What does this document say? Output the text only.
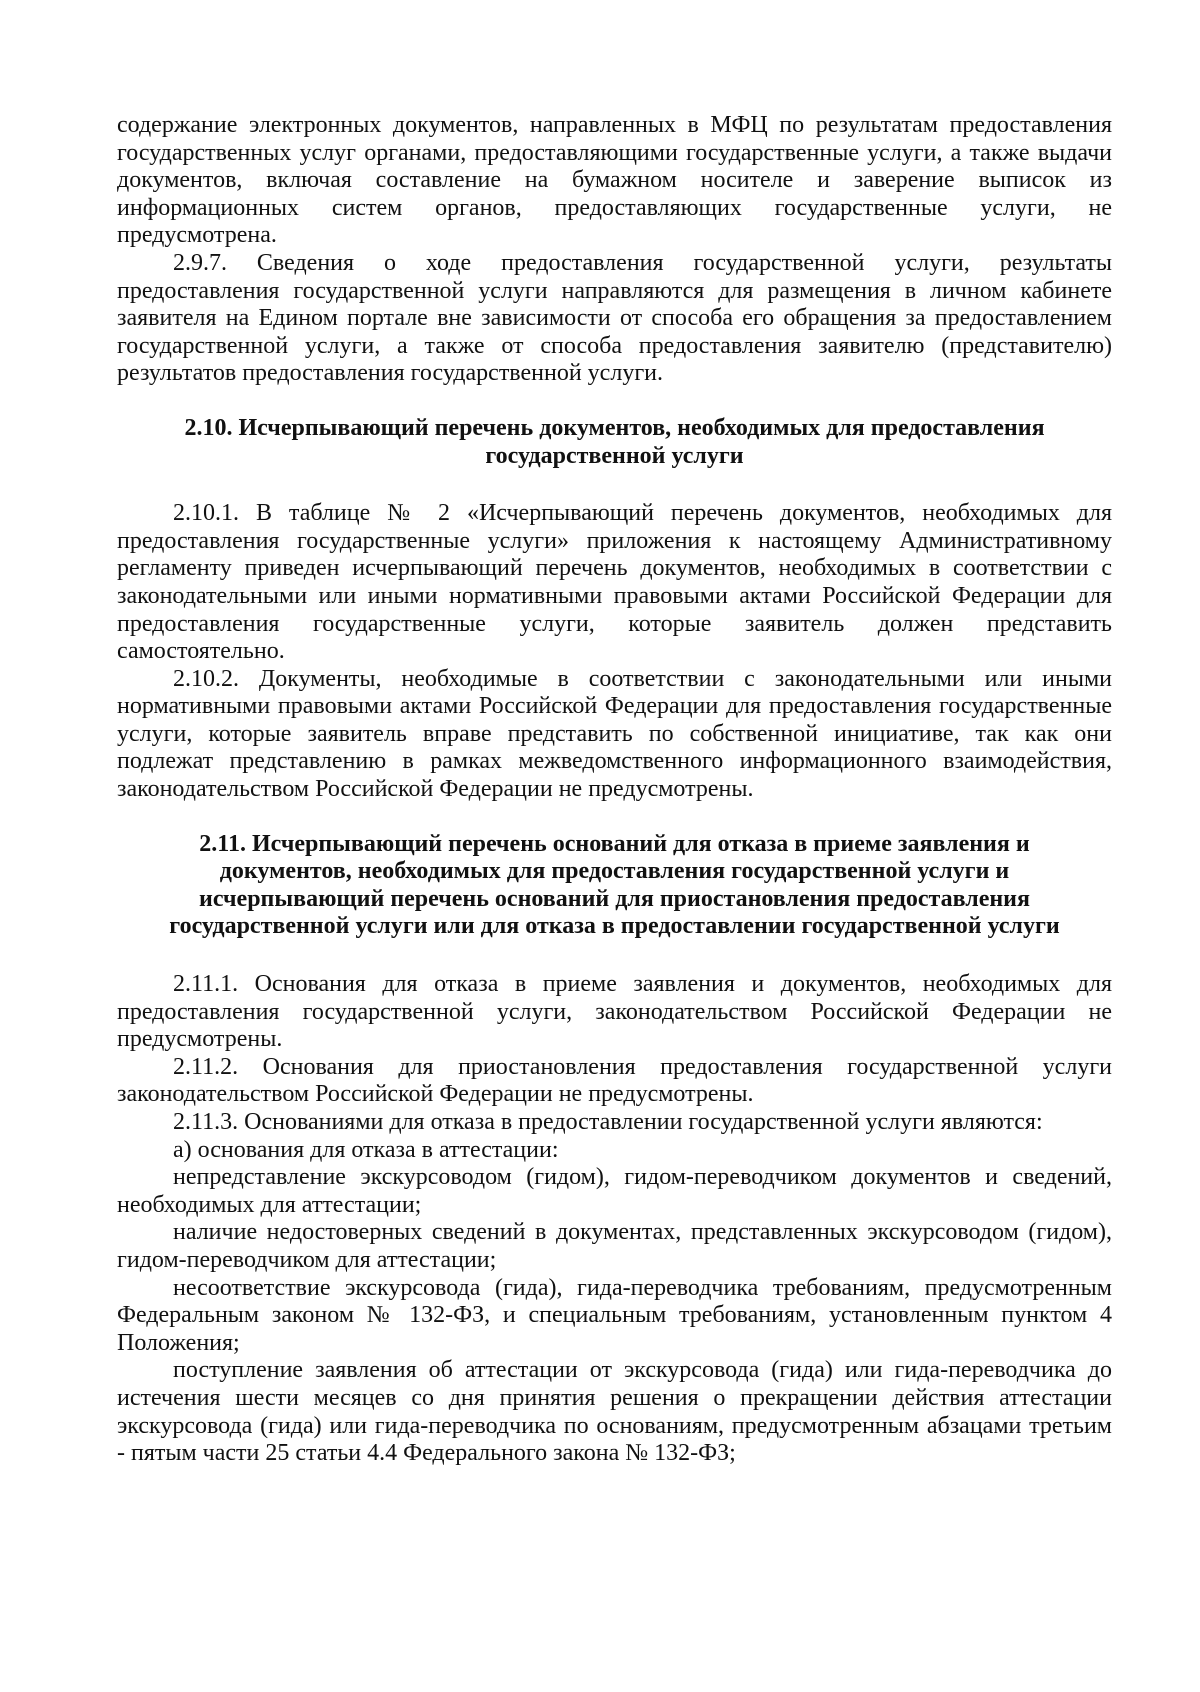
содержание электронных документов, направленных в МФЦ по результатам предоставления государственных услуг органами, предоставляющими государственные услуги, а также выдачи документов, включая составление на бумажном носителе и заверение выписок из информационных систем органов, предоставляющих государственные услуги, не предусмотрена.

2.9.7. Сведения о ходе предоставления государственной услуги, результаты предоставления государственной услуги направляются для размещения в личном кабинете заявителя на Едином портале вне зависимости от способа его обращения за предоставлением государственной услуги, а также от способа предоставления заявителю (представителю) результатов предоставления государственной услуги.

2.10. Исчерпывающий перечень документов, необходимых для предоставления

государственной услуги

2.10.1. В таблице № 2 «Исчерпывающий перечень документов, необходимых для предоставления государственные услуги» приложения к настоящему Административному регламенту приведен исчерпывающий перечень документов, необходимых в соответствии с законодательными или иными нормативными правовыми актами Российской Федерации для предоставления государственные услуги, которые заявитель должен представить самостоятельно.

2.10.2. Документы, необходимые в соответствии с законодательными или иными нормативными правовыми актами Российской Федерации для предоставления государственные услуги, которые заявитель вправе представить по собственной инициативе, так как они подлежат представлению в рамках межведомственного информационного взаимодействия, законодательством Российской Федерации не предусмотрены.

2.11. Исчерпывающий перечень оснований для отказа в приеме заявления и

документов, необходимых для предоставления государственной услуги и

исчерпывающий перечень оснований для приостановления предоставления

государственной услуги или для отказа в предоставлении государственной услуги

2.11.1. Основания для отказа в приеме заявления и документов, необходимых для предоставления государственной услуги, законодательством Российской Федерации не предусмотрены.

2.11.2. Основания для приостановления предоставления государственной услуги законодательством Российской Федерации не предусмотрены.

2.11.3. Основаниями для отказа в предоставлении государственной услуги являются:

а) основания для отказа в аттестации:

непредставление экскурсоводом (гидом), гидом-переводчиком документов и сведений, необходимых для аттестации;

наличие недостоверных сведений в документах, представленных экскурсоводом (гидом), гидом-переводчиком для аттестации;

несоответствие экскурсовода (гида), гида-переводчика требованиям, предусмотренным Федеральным законом № 132-ФЗ, и специальным требованиям, установленным пунктом 4 Положения;

поступление заявления об аттестации от экскурсовода (гида) или гида-переводчика до истечения шести месяцев со дня принятия решения о прекращении действия аттестации экскурсовода (гида) или гида-переводчика по основаниям, предусмотренным абзацами третьим - пятым части 25 статьи 4.4 Федерального закона № 132-ФЗ;
